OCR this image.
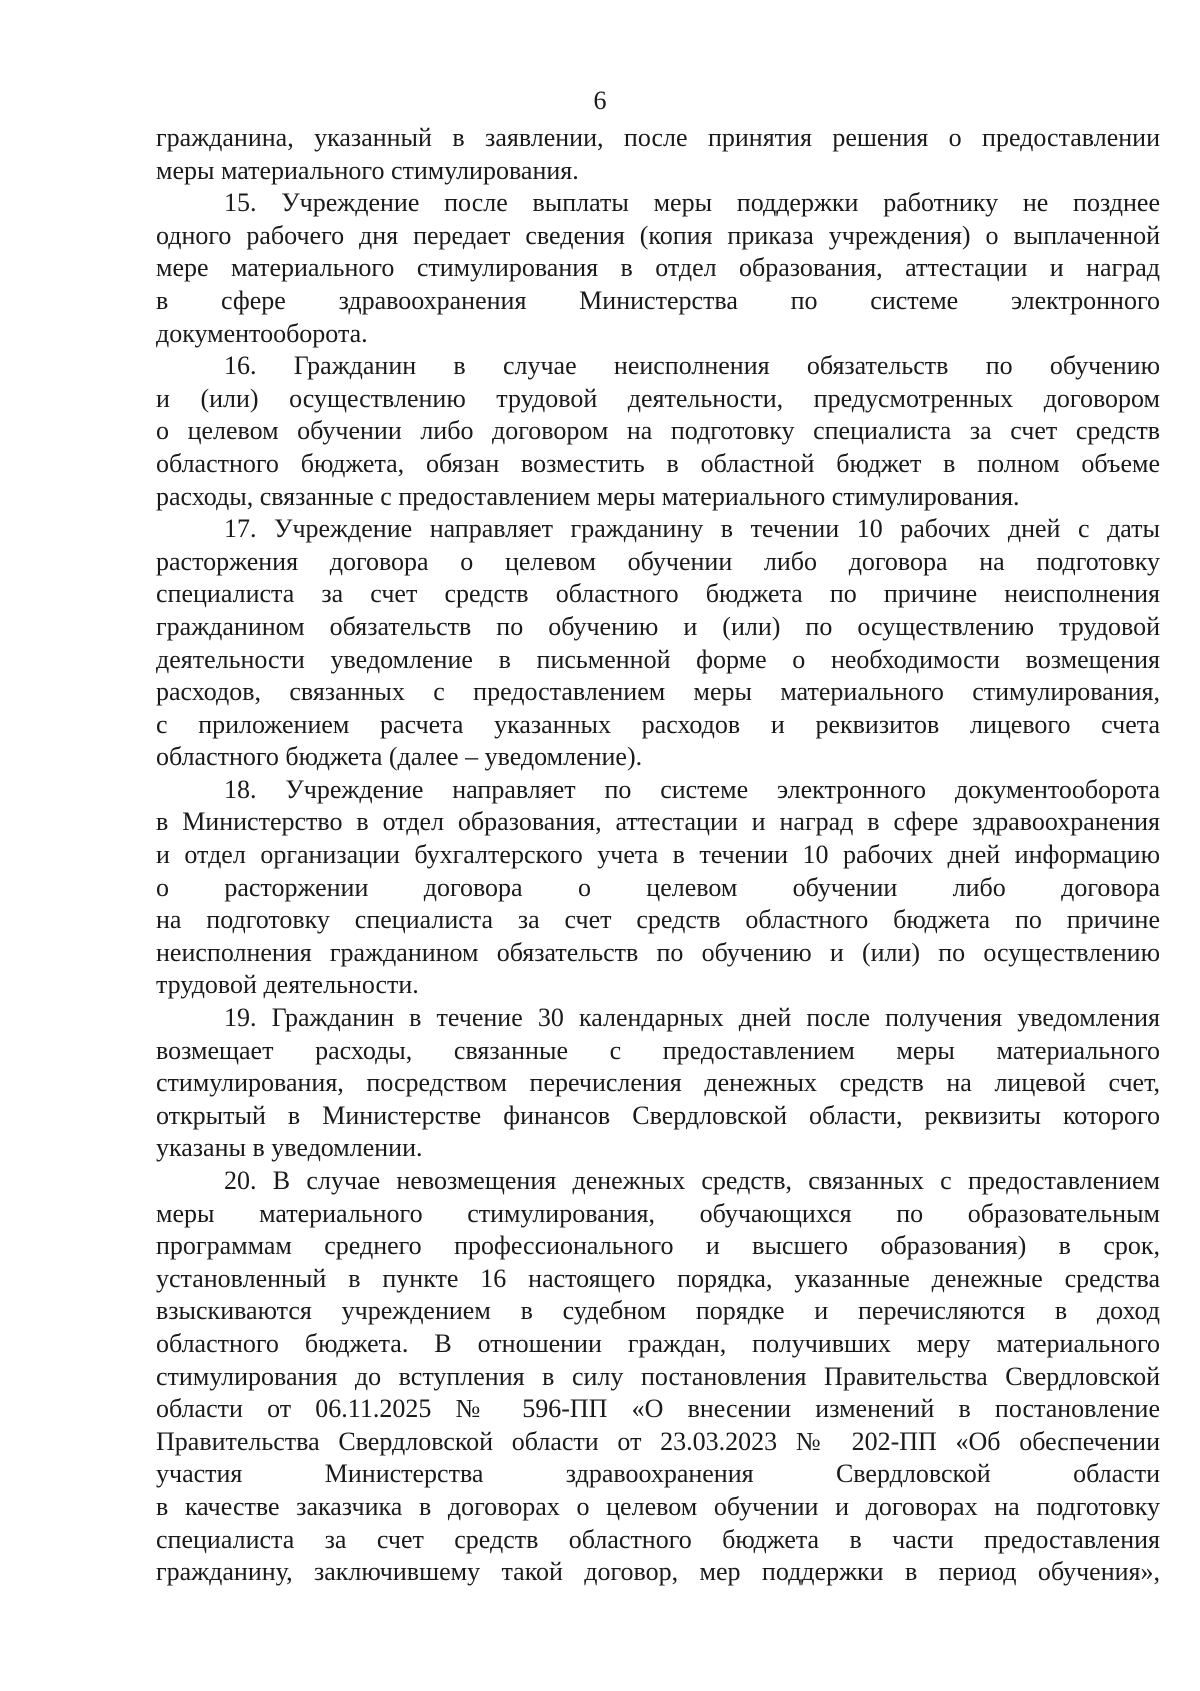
6
гражданина, указанный в заявлении, после принятия решения о предоставлении
меры материального стимулирования.
15. Учреждение после выплаты меры поддержки работнику не позднее
одного рабочего дня передает сведения (копия приказа учреждения) о выплаченной
мере материального стимулирования в отдел образования, аттестации и наград
в сфере здравоохранения Министерства по системе электронного
документооборота.
16. Гражданин в случае неисполнения обязательств по обучению
и (или) осуществлению трудовой деятельности, предусмотренных договором
о целевом обучении либо договором на подготовку специалиста за счет средств
областного бюджета, обязан возместить в областной бюджет в полном объеме
расходы, связанные с предоставлением меры материального стимулирования.
17. Учреждение направляет гражданину в течении 10 рабочих дней с даты
расторжения договора о целевом обучении либо договора на подготовку
специалиста за счет средств областного бюджета по причине неисполнения
гражданином обязательств по обучению и (или) по осуществлению трудовой
деятельности уведомление в письменной форме о необходимости возмещения
расходов, связанных с предоставлением меры материального стимулирования,
с приложением расчета указанных расходов и реквизитов лицевого счета
областного бюджета (далее – уведомление).
18. Учреждение направляет по системе электронного документооборота
в Министерство в отдел образования, аттестации и наград в сфере здравоохранения
и отдел организации бухгалтерского учета в течении 10 рабочих дней информацию
о расторжении договора о целевом обучении либо договора
на подготовку специалиста за счет средств областного бюджета по причине
неисполнения гражданином обязательств по обучению и (или) по осуществлению
трудовой деятельности.
19. Гражданин в течение 30 календарных дней после получения уведомления
возмещает расходы, связанные с предоставлением меры материального
стимулирования, посредством перечисления денежных средств на лицевой счет,
открытый в Министерстве финансов Свердловской области, реквизиты которого
указаны в уведомлении.
20. В случае невозмещения денежных средств, связанных с предоставлением
меры материального стимулирования, обучающихся по образовательным
программам среднего профессионального и высшего образования) в срок,
установленный в пункте 16 настоящего порядка, указанные денежные средства
взыскиваются учреждением в судебном порядке и перечисляются в доход
областного бюджета. В отношении граждан, получивших меру материального
стимулирования до вступления в силу постановления Правительства Свердловской
области от 06.11.2025 № 596-ПП «О внесении изменений в постановление
Правительства Свердловской области от 23.03.2023 № 202-ПП «Об обеспечении
участия Министерства здравоохранения Свердловской области
в качестве заказчика в договорах о целевом обучении и договорах на подготовку
специалиста за счет средств областного бюджета в части предоставления
гражданину, заключившему такой договор, мер поддержки в период обучения»,
